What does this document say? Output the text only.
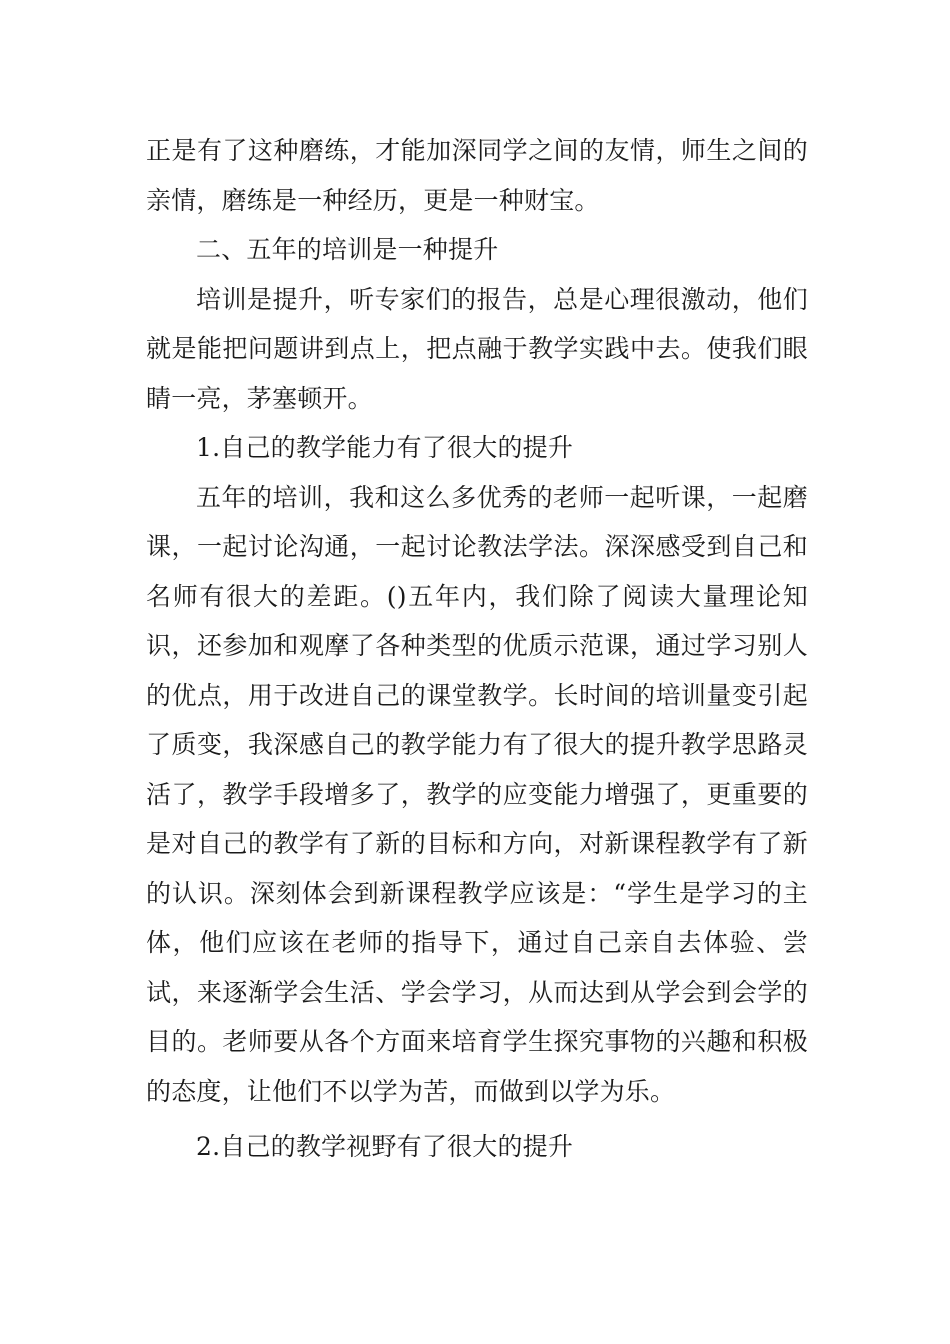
正是有了这种磨练，才能加深同学之间的友情，师生之间的亲情，磨练是一种经历，更是一种财宝。

二、五年的培训是一种提升

培训是提升，听专家们的报告，总是心理很激动，他们就是能把问题讲到点上，把点融于教学实践中去。使我们眼睛一亮，茅塞顿开。

1.自己的教学能力有了很大的提升

五年的培训，我和这么多优秀的老师一起听课，一起磨课，一起讨论沟通，一起讨论教法学法。深深感受到自己和名师有很大的差距。()五年内，我们除了阅读大量理论知识，还参加和观摩了各种类型的优质示范课，通过学习别人的优点，用于改进自己的课堂教学。长时间的培训量变引起了质变，我深感自己的教学能力有了很大的提升教学思路灵活了，教学手段增多了，教学的应变能力增强了，更重要的是对自己的教学有了新的目标和方向，对新课程教学有了新的认识。深刻体会到新课程教学应该是：“学生是学习的主体，他们应该在老师的指导下，通过自己亲自去体验、尝试，来逐渐学会生活、学会学习，从而达到从学会到会学的目的。老师要从各个方面来培育学生探究事物的兴趣和积极的态度，让他们不以学为苦，而做到以学为乐。

2.自己的教学视野有了很大的提升
